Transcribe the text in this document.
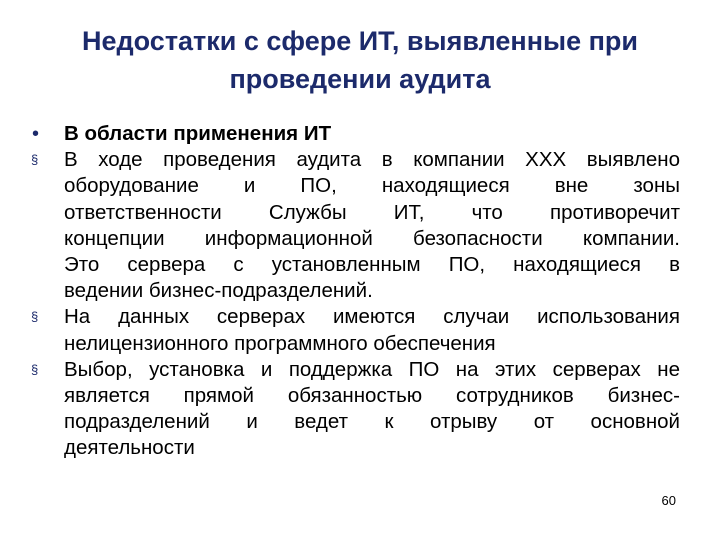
Недостатки с сфере ИТ, выявленные при
проведении аудита
•	В области применения ИТ
§	В ходе проведения аудита в компании ХХХ выявлено
оборудование и ПО, находящиеся вне зоны
ответственности Службы ИТ, что противоречит
концепции информационной безопасности компании.
Это сервера с установленным ПО, находящиеся в
ведении бизнес-подразделений.
§	На данных серверах имеются случаи использования
нелицензионного программного обеспечения
§	Выбор, установка и поддержка ПО на этих серверах не
является прямой обязанностью сотрудников бизнес-
подразделений и ведет к отрыву от основной
деятельности
60
